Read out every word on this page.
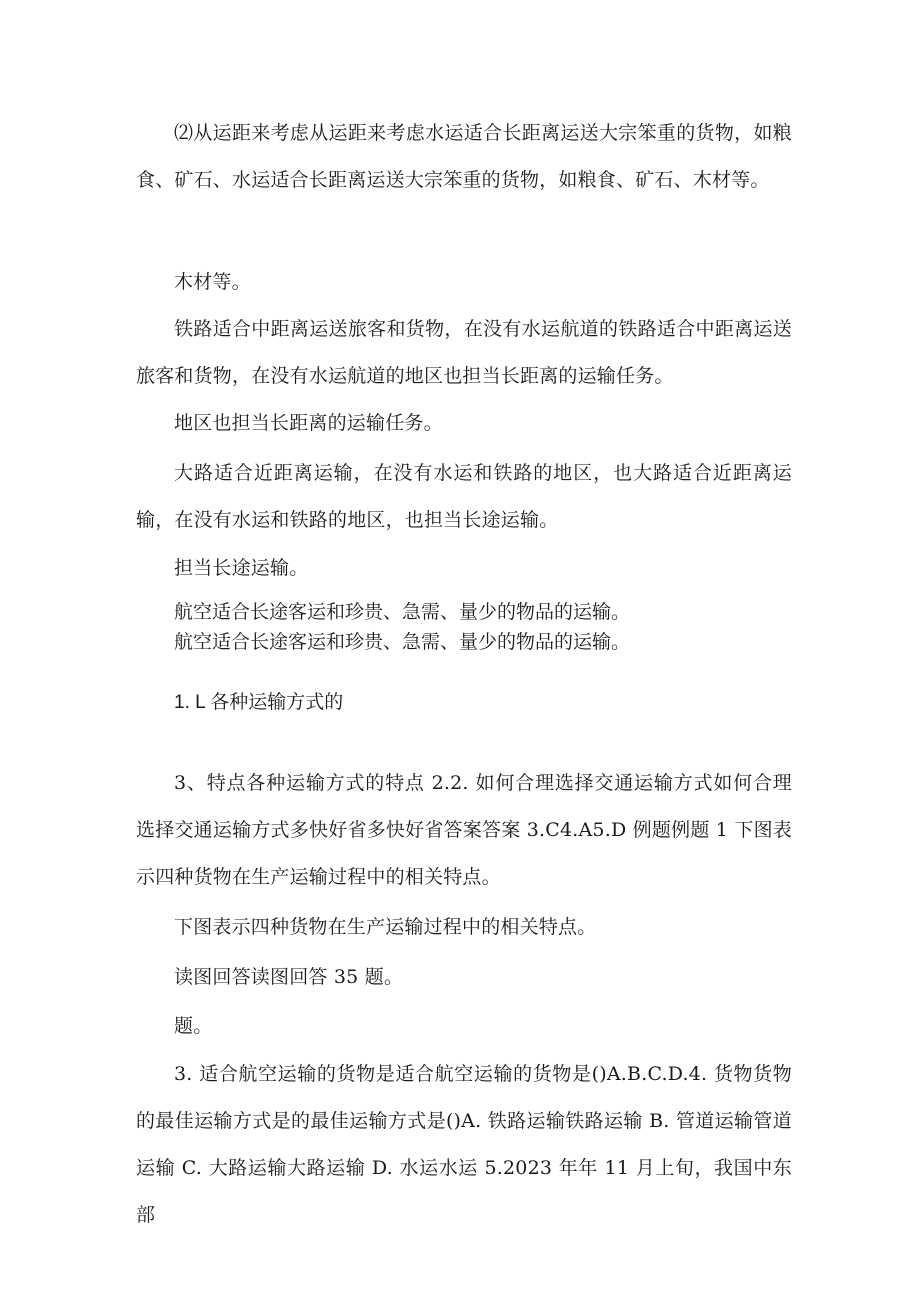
⑵从运距来考虑从运距来考虑水运适合长距离运送大宗笨重的货物，如粮食、矿石、水运适合长距离运送大宗笨重的货物，如粮食、矿石、木材等。

木材等。

铁路适合中距离运送旅客和货物，在没有水运航道的铁路适合中距离运送旅客和货物，在没有水运航道的地区也担当长距离的运输任务。

地区也担当长距离的运输任务。

大路适合近距离运输，在没有水运和铁路的地区，也大路适合近距离运输，在没有水运和铁路的地区，也担当长途运输。

担当长途运输。

航空适合长途客运和珍贵、急需、量少的物品的运输。

航空适合长途客运和珍贵、急需、量少的物品的运输。

1. L 各种运输方式的

3、特点各种运输方式的特点 2.2. 如何合理选择交通运输方式如何合理选择交通运输方式多快好省多快好省答案答案 3.C4.A5.D 例题例题 1 下图表示四种货物在生产运输过程中的相关特点。

下图表示四种货物在生产运输过程中的相关特点。

读图回答读图回答 35 题。

题。

3. 适合航空运输的货物是适合航空运输的货物是()A.B.C.D.4. 货物货物的最佳运输方式是的最佳运输方式是()A. 铁路运输铁路运输 B. 管道运输管道运输 C. 大路运输大路运输 D. 水运水运 5.2023 年年 11 月上旬，我国中东部
